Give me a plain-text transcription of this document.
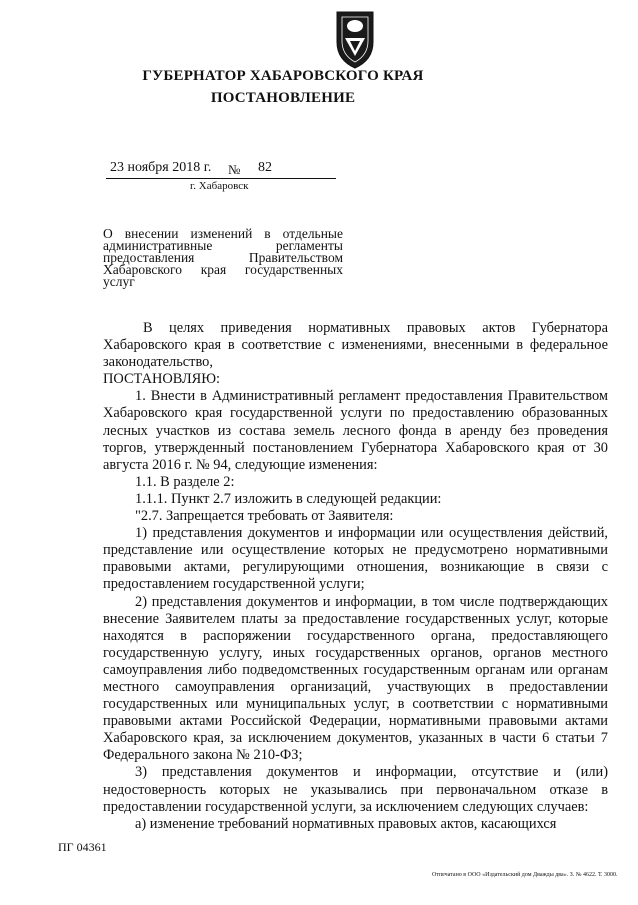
ГУБЕРНАТОР ХАБАРОВСКОГО КРАЯ
ПОСТАНОВЛЕНИЕ
23 ноября 2018 г. № 82
г. Хабаровск
О внесении изменений в отдельные административные регламенты предоставления Правительством Хабаровского края государственных услуг

В целях приведения нормативных правовых актов Губернатора Хабаровского края в соответствие с изменениями, внесенными в федеральное законодательство,

ПОСТАНОВЛЯЮ:

1. Внести в Административный регламент предоставления Правительством Хабаровского края государственной услуги по предоставлению образованных лесных участков из состава земель лесного фонда в аренду без проведения торгов, утвержденный постановлением Губернатора Хабаровского края от 30 августа 2016 г. № 94, следующие изменения:

1.1. В разделе 2:

1.1.1. Пункт 2.7 изложить в следующей редакции:

"2.7. Запрещается требовать от Заявителя:

1) представления документов и информации или осуществления действий, представление или осуществление которых не предусмотрено нормативными правовыми актами, регулирующими отношения, возникающие в связи с предоставлением государственной услуги;

2) представления документов и информации, в том числе подтверждающих внесение Заявителем платы за предоставление государственных услуг, которые находятся в распоряжении государственного органа, предоставляющего государственную услугу, иных государственных органов, органов местного самоуправления либо подведомственных государственным органам или органам местного самоуправления организаций, участвующих в предоставлении государственных или муниципальных услуг, в соответствии с нормативными правовыми актами Российской Федерации, нормативными правовыми актами Хабаровского края, за исключением документов, указанных в части 6 статьи 7 Федерального закона № 210-ФЗ;

3) представления документов и информации, отсутствие и (или) недостоверность которых не указывались при первоначальном отказе в предоставлении государственной услуги, за исключением следующих случаев:

а) изменение требований нормативных правовых актов, касающихся

ПГ 04361
Отпечатано в ООО «Издательский дом Дважды два». З. № 4622. Т. 3000.
